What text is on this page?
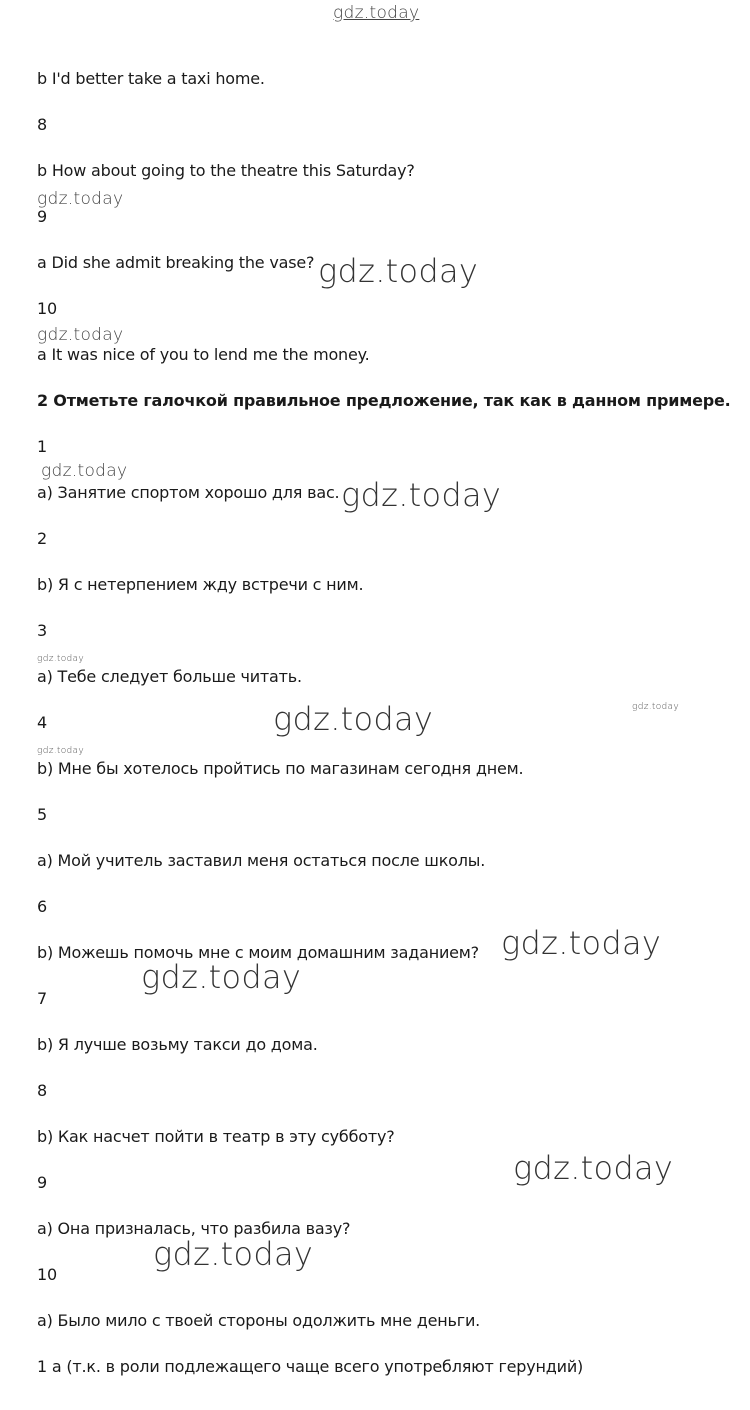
gdz.today
gdz.today
gdz.today
gdz.today
gdz.today
gdz.today
gdz.today
gdz.today	gdz.today
gdz.today
gdz.today
gdz.today
gdz.today
gdz.today
b I'd better take a taxi home.
8
b How about going to the theatre this Saturday?
9
a Did she admit breaking the vase?
10
a It was nice of you to lend me the money.
2 Отметьте галочкой правильное предложение, так как в данном примере.
1
a) Занятие спортом хорошо для вас.
2
b) Я с нетерпением жду встречи с ним.
3
a) Тебе следует больше читать.
4
b) Мне бы хотелось пройтись по магазинам сегодня днем.
5
a) Мой учитель заставил меня остаться после школы.
6
b) Можешь помочь мне с моим домашним заданием?
7
b) Я лучше возьму такси до дома.
8
b) Как насчет пойти в театр в эту субботу?
9
a) Она призналась, что разбила вазу?
10
a) Было мило с твоей стороны одолжить мне деньги.
1 a (т.к. в роли подлежащего чаще всего употребляют герундий)
